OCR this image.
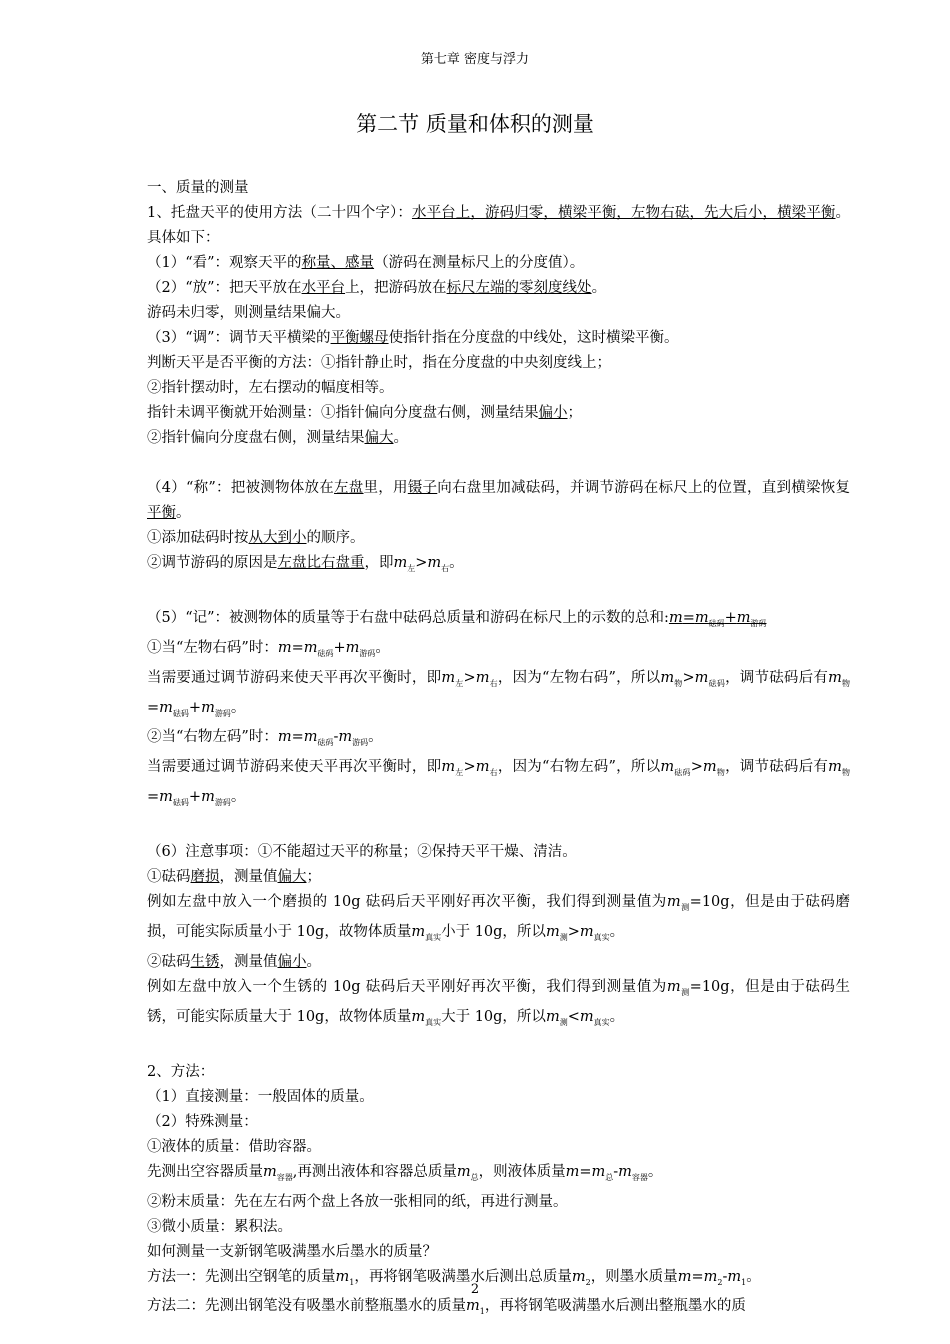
第七章 密度与浮力
第二节 质量和体积的测量

一、质量的测量

1、托盘天平的使用方法（二十四个字）：水平台上，游码归零，横梁平衡，左物右砝，先大后小，横梁平衡。具体如下：

（1）“看”：观察天平的称量、感量（游码在测量标尺上的分度值）。

（2）“放”：把天平放在水平台上，把游码放在标尺左端的零刻度线处。

游码未归零，则测量结果偏大。

（3）“调”：调节天平横梁的平衡螺母使指针指在分度盘的中线处，这时横梁平衡。

判断天平是否平衡的方法：①指针静止时，指在分度盘的中央刻度线上；

②指针摆动时，左右摆动的幅度相等。

指针未调平衡就开始测量：①指针偏向分度盘右侧，测量结果偏小；

②指针偏向分度盘右侧，测量结果偏大。

（4）“称”：把被测物体放在左盘里，用镊子向右盘里加减砝码，并调节游码在标尺上的位置，直到横梁恢复平衡。

①添加砝码时按从大到小的顺序。

②调节游码的原因是左盘比右盘重，即$m_左>m_右$。

（5）“记”：被测物体的质量等于右盘中砝码总质量和游码在标尺上的示数的总和$:m=m_{砝码}+m_{游码}$

①当“左物右码”时：$m=m_{砝码}+m_{游码}$。

当需要通过调节游码来使天平再次平衡时，即$m_左>m_右$，因为“左物右码”，所以$m_物>m_{砝码}$，调节砝码后有$m_物=m_{砝码}+m_{游码}$。

②当“右物左码”时：$m=m_{砝码}-m_{游码}$。

当需要通过调节游码来使天平再次平衡时，即$m_左>m_右$，因为“右物左码”，所以$m_{砝码}>m_物$，调节砝码后有$m_物=m_{砝码}+m_{游码}$。

（6）注意事项：①不能超过天平的称量；②保持天平干燥、清洁。

①砝码磨损，测量值偏大；

例如左盘中放入一个磨损的 10g 砝码后天平刚好再次平衡，我们得到测量值为$m_测=10g$，但是由于砝码磨损，可能实际质量小于 10g，故物体质量$m_{真实}$小于 10g，所以$m_测>m_{真实}$。

②砝码生锈，测量值偏小。

例如左盘中放入一个生锈的 10g 砝码后天平刚好再次平衡，我们得到测量值为$m_测=10g$，但是由于砝码生锈，可能实际质量大于 10g，故物体质量$m_{真实}$大于 10g，所以$m_测<m_{真实}$。

2、方法：

（1）直接测量：一般固体的质量。

（2）特殊测量：

①液体的质量：借助容器。

先测出空容器质量$m_{容器}$,再测出液体和容器总质量$m_总$，则液体质量$m=m_总-m_{容器}$。

②粉末质量：先在左右两个盘上各放一张相同的纸，再进行测量。

③微小质量：累积法。

如何测量一支新钢笔吸满墨水后墨水的质量？

方法一：先测出空钢笔的质量$m_1$，再将钢笔吸满墨水后测出总质量$m_2$，则墨水质量$m=m_2-m_1$。

方法二：先测出钢笔没有吸墨水前整瓶墨水的质量$m_1$，再将钢笔吸满墨水后测出整瓶墨水的质

2
